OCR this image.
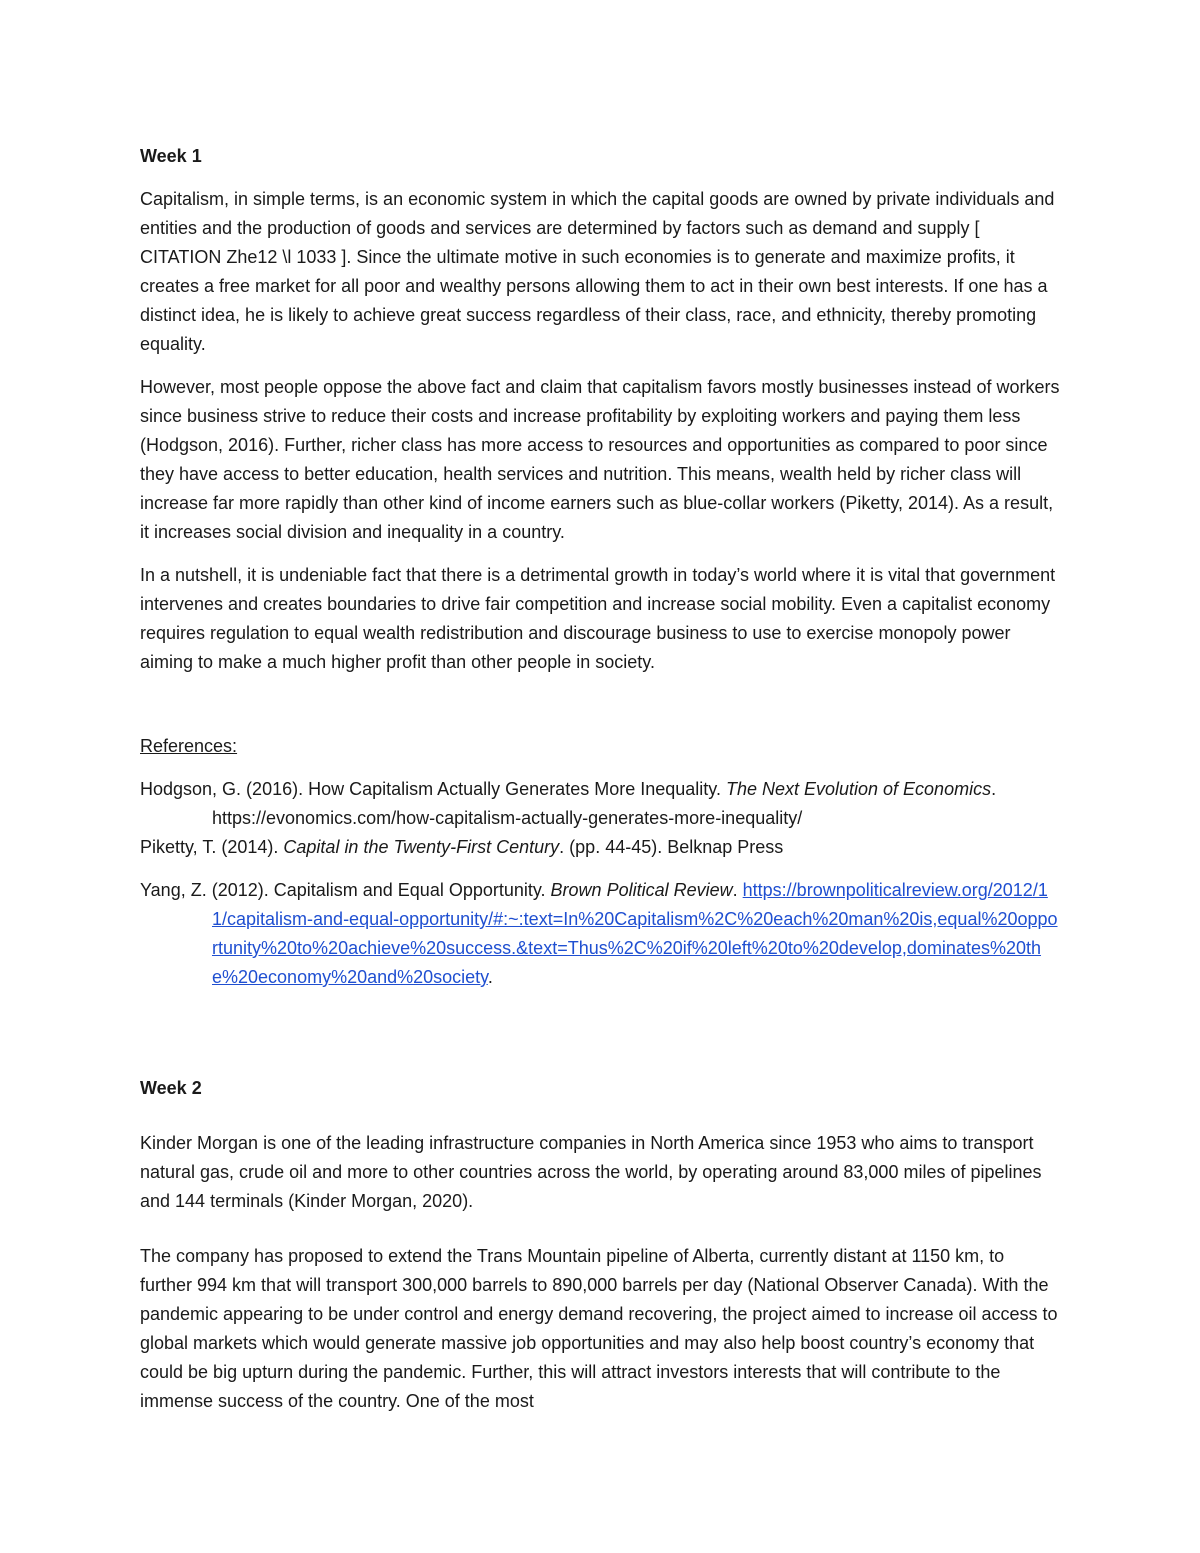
Week 1

Capitalism, in simple terms, is an economic system in which the capital goods are owned by private individuals and entities and the production of goods and services are determined by factors such as demand and supply [ CITATION Zhe12 \l 1033 ]. Since the ultimate motive in such economies is to generate and maximize profits, it creates a free market for all poor and wealthy persons allowing them to act in their own best interests. If one has a distinct idea, he is likely to achieve great success regardless of their class, race, and ethnicity, thereby promoting equality.

However, most people oppose the above fact and claim that capitalism favors mostly businesses instead of workers since business strive to reduce their costs and increase profitability by exploiting workers and paying them less (Hodgson, 2016). Further, richer class has more access to resources and opportunities as compared to poor since they have access to better education, health services and nutrition. This means, wealth held by richer class will increase far more rapidly than other kind of income earners such as blue-collar workers (Piketty, 2014). As a result, it increases social division and inequality in a country.

In a nutshell, it is undeniable fact that there is a detrimental growth in today’s world where it is vital that government intervenes and creates boundaries to drive fair competition and increase social mobility. Even a capitalist economy requires regulation to equal wealth redistribution and discourage business to use to exercise monopoly power aiming to make a much higher profit than other people in society.

References:

Hodgson, G. (2016). How Capitalism Actually Generates More Inequality. The Next Evolution of Economics. https://evonomics.com/how-capitalism-actually-generates-more-inequality/

Piketty, T. (2014). Capital in the Twenty-First Century. (pp. 44-45). Belknap Press

Yang, Z. (2012). Capitalism and Equal Opportunity. Brown Political Review. https://brownpoliticalreview.org/2012/11/capitalism-and-equal-opportunity/#:~:text=In%20Capitalism%2C%20each%20man%20is,equal%20opportunity%20to%20achieve%20success.&text=Thus%2C%20if%20left%20to%20develop,dominates%20the%20economy%20and%20society.

Week 2

Kinder Morgan is one of the leading infrastructure companies in North America since 1953 who aims to transport natural gas, crude oil and more to other countries across the world, by operating around 83,000 miles of pipelines and 144 terminals (Kinder Morgan, 2020).

The company has proposed to extend the Trans Mountain pipeline of Alberta, currently distant at 1150 km, to further 994 km that will transport 300,000 barrels to 890,000 barrels per day (National Observer Canada). With the pandemic appearing to be under control and energy demand recovering, the project aimed to increase oil access to global markets which would generate massive job opportunities and may also help boost country’s economy that could be big upturn during the pandemic. Further, this will attract investors interests that will contribute to the immense success of the country. One of the most
